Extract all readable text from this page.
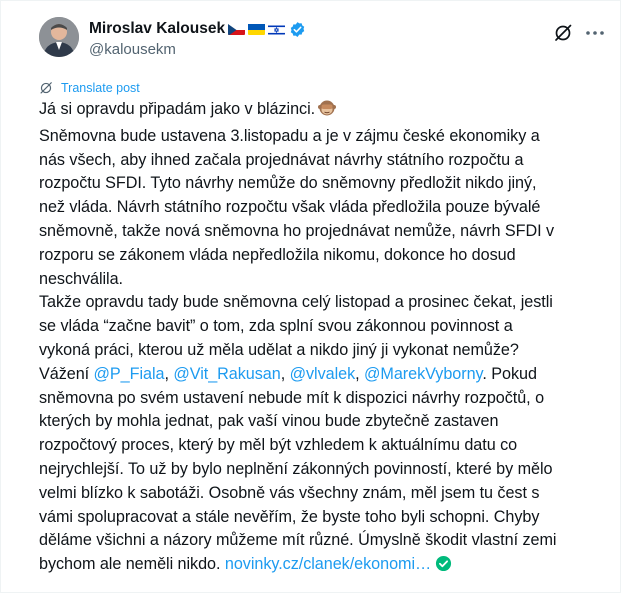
Miroslav Kalousek
@kalousekm
Translate post
Já si opravdu připadám jako v blázinci.
Sněmovna bude ustavena 3.listopadu a je v zájmu české ekonomiky a
nás všech, aby ihned začala projednávat návrhy státního rozpočtu a
rozpočtu SFDI. Tyto návrhy nemůže do sněmovny předložit nikdo jiný,
než vláda. Návrh státního rozpočtu však vláda předložila pouze bývalé
sněmovně, takže nová sněmovna ho projednávat nemůže, návrh SFDI v
rozporu se zákonem vláda nepředložila nikomu, dokonce ho dosud
neschválila.
Takže opravdu tady bude sněmovna celý listopad a prosinec čekat, jestli
se vláda “začne bavit” o tom, zda splní svou zákonnou povinnost a
vykoná práci, kterou už měla udělat a nikdo jiný ji vykonat nemůže?
Vážení @P_Fiala, @Vit_Rakusan, @vlvalek, @MarekVyborny. Pokud
sněmovna po svém ustavení nebude mít k dispozici návrhy rozpočtů, o
kterých by mohla jednat, pak vaší vinou bude zbytečně zastaven
rozpočtový proces, který by měl být vzhledem k aktuálnímu datu co
nejrychlejší. To už by bylo neplnění zákonných povinností, které by mělo
velmi blízko k sabotáži. Osobně vás všechny znám, měl jsem tu čest s
vámi spolupracovat a stále nevěřím, že byste toho byli schopni. Chyby
děláme všichni a názory můžeme mít různé. Úmyslně škodit vlastní zemi
bychom ale neměli nikdo. novinky.cz/clanek/ekonomi…
